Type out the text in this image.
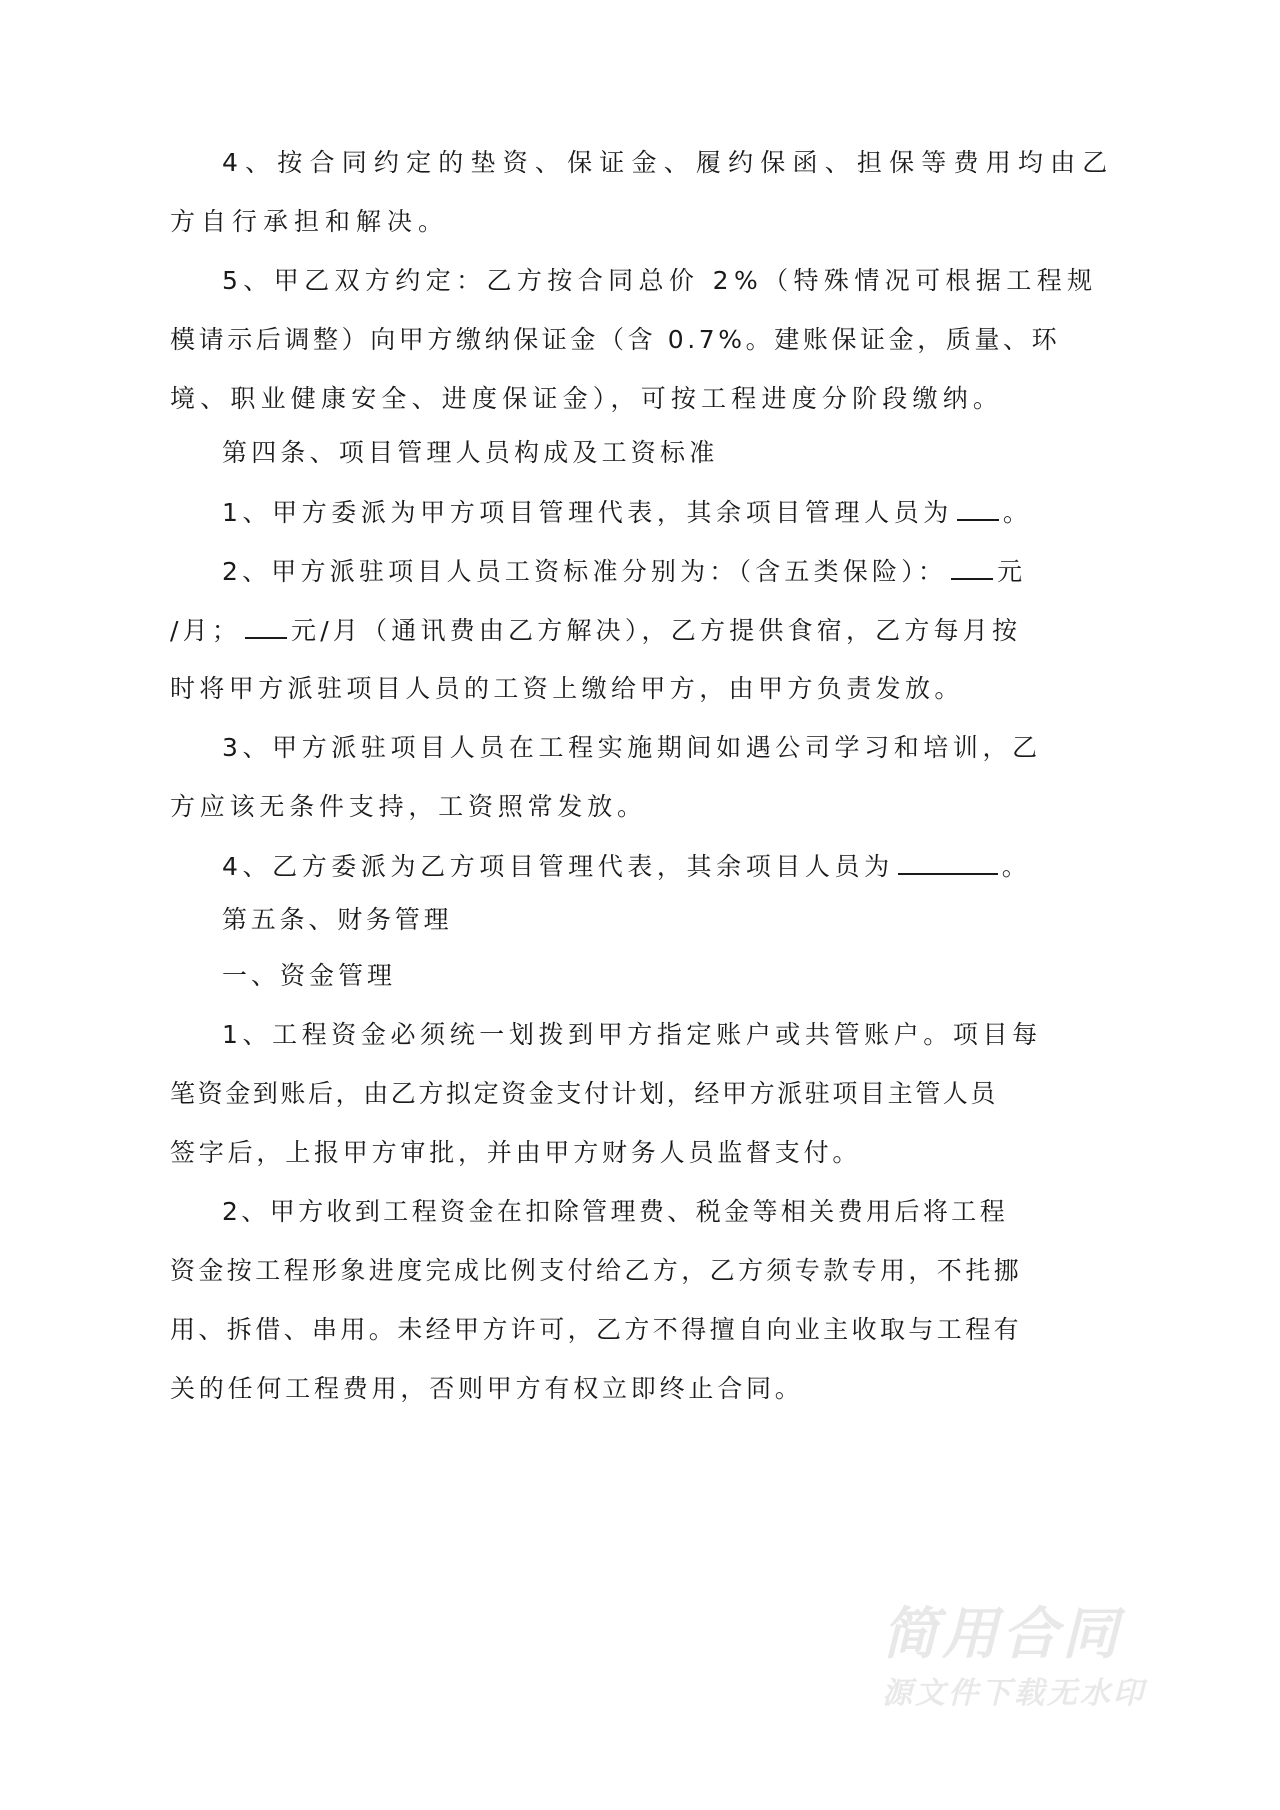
4、按合同约定的垫资、保证金、履约保函、担保等费用均由乙
方自行承担和解决。
5、甲乙双方约定：乙方按合同总价 2%（特殊情况可根据工程规
模请示后调整）向甲方缴纳保证金（含 0.7%。建账保证金，质量、环
境、职业健康安全、进度保证金），可按工程进度分阶段缴纳。
第四条、项目管理人员构成及工资标准
1、甲方委派为甲方项目管理代表，其余项目管理人员为 。
2、甲方派驻项目人员工资标准分别为：（含五类保险）： 元
/月； 元/月（通讯费由乙方解决），乙方提供食宿，乙方每月按
时将甲方派驻项目人员的工资上缴给甲方，由甲方负责发放。
3、甲方派驻项目人员在工程实施期间如遇公司学习和培训，乙
方应该无条件支持，工资照常发放。
4、乙方委派为乙方项目管理代表，其余项目人员为	。
第五条、财务管理
一、资金管理
1、工程资金必须统一划拨到甲方指定账户或共管账户。项目每
笔资金到账后，由乙方拟定资金支付计划，经甲方派驻项目主管人员
签字后，上报甲方审批，并由甲方财务人员监督支付。
2、甲方收到工程资金在扣除管理费、税金等相关费用后将工程
资金按工程形象进度完成比例支付给乙方，乙方须专款专用，不扥挪
用、拆借、串用。未经甲方许可，乙方不得擅自向业主收取与工程有
关的任何工程费用，否则甲方有权立即终止合同。
简用合同
源文件下载无水印
